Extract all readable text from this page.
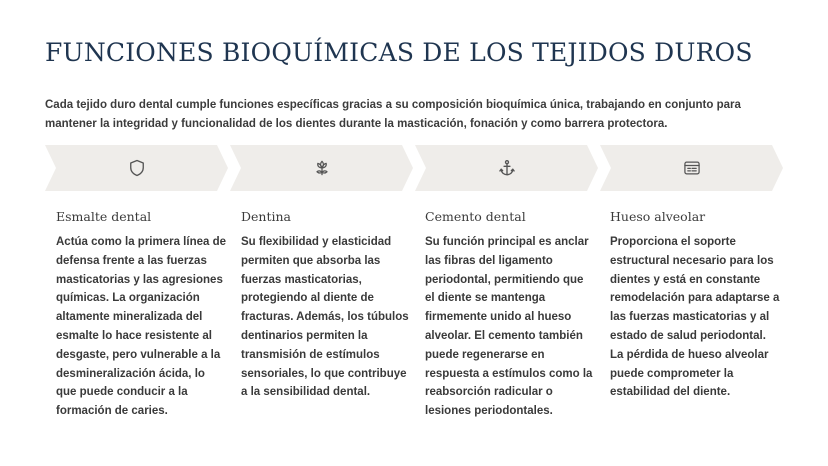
FUNCIONES BIOQUÍMICAS DE LOS TEJIDOS DUROS

Cada tejido duro dental cumple funciones específicas gracias a su composición bioquímica única, trabajando en conjunto para mantener la integridad y funcionalidad de los dientes durante la masticación, fonación y como barrera protectora.

Esmalte dental

Actúa como la primera línea de defensa frente a las fuerzas masticatorias y las agresiones químicas. La organización altamente mineralizada del esmalte lo hace resistente al desgaste, pero vulnerable a la desmineralización ácida, lo que puede conducir a la formación de caries.

Dentina

Su flexibilidad y elasticidad permiten que absorba las fuerzas masticatorias, protegiendo al diente de fracturas. Además, los túbulos dentinarios permiten la transmisión de estímulos sensoriales, lo que contribuye a la sensibilidad dental.

Cemento dental

Su función principal es anclar las fibras del ligamento periodontal, permitiendo que el diente se mantenga firmemente unido al hueso alveolar. El cemento también puede regenerarse en respuesta a estímulos como la reabsorción radicular o lesiones periodontales.

Hueso alveolar

Proporciona el soporte estructural necesario para los dientes y está en constante remodelación para adaptarse a las fuerzas masticatorias y al estado de salud periodontal. La pérdida de hueso alveolar puede comprometer la estabilidad del diente.
